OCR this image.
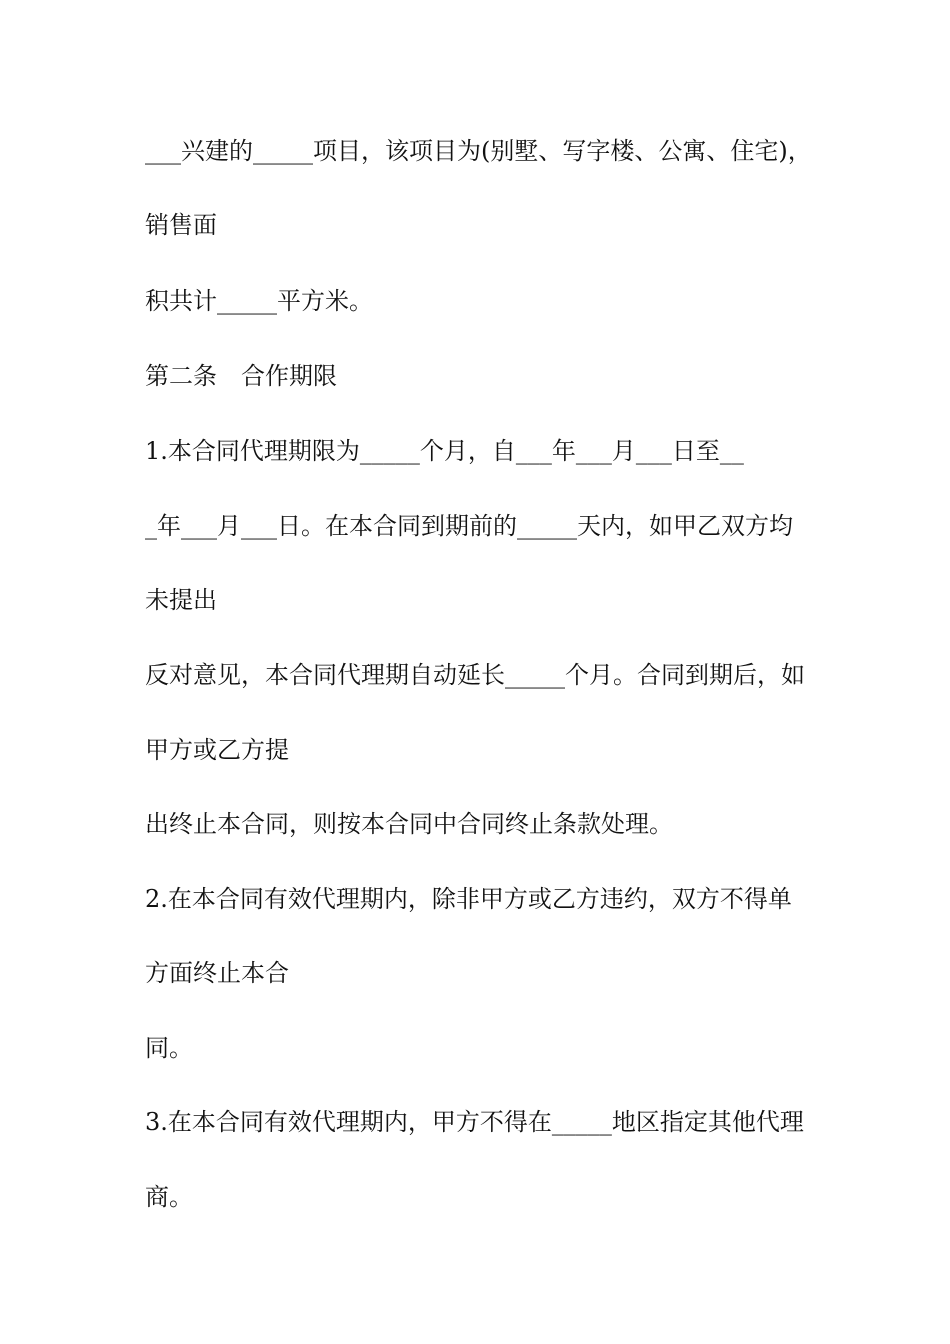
___兴建的_____项目，该项目为(别墅、写字楼、公寓、住宅)，

销售面

积共计_____平方米。

第二条　合作期限

1.本合同代理期限为_____个月，自___年___月___日至__

_年___月___日。在本合同到期前的_____天内，如甲乙双方均

未提出

反对意见，本合同代理期自动延长_____个月。合同到期后，如

甲方或乙方提

出终止本合同，则按本合同中合同终止条款处理。

2.在本合同有效代理期内，除非甲方或乙方违约，双方不得单

方面终止本合

同。

3.在本合同有效代理期内，甲方不得在_____地区指定其他代理

商。
